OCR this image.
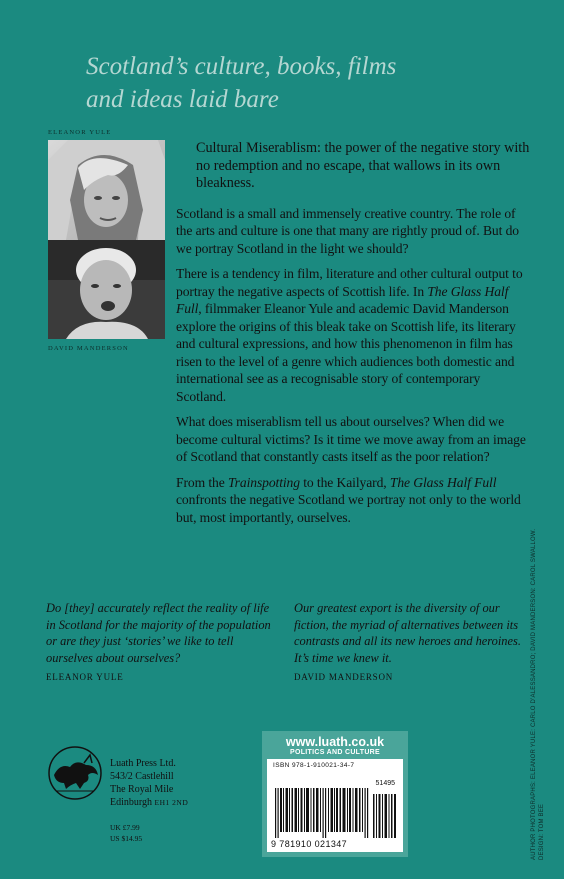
Scotland’s culture, books, films
and ideas laid bare
ELEANOR YULE
DAVID MANDERSON

Cultural Miserablism: the power of the negative story with no redemption and no escape, that wallows in its own bleakness.

Scotland is a small and immensely creative country. The role of the arts and culture is one that many are rightly proud of. But do we portray Scotland in the light we should?

There is a tendency in film, literature and other cultural output to portray the negative aspects of Scottish life. In The Glass Half Full, filmmaker Eleanor Yule and academic David Manderson explore the origins of this bleak take on Scottish life, its literary and cultural expressions, and how this phenomenon in film has risen to the level of a genre which audiences both domestic and international see as a recognisable story of contemporary Scotland.

What does miserablism tell us about ourselves? When did we become cultural victims? Is it time we move away from an image of Scotland that constantly casts itself as the poor relation?

From the Trainspotting to the Kailyard, The Glass Half Full confronts the negative Scotland we portray not only to the world but, most importantly, ourselves.

Do [they] accurately reflect the reality of life in Scotland for the majority of the population or are they just ‘stories’ we like to tell ourselves about ourselves?
ELEANOR YULE
Our greatest export is the diversity of our fiction, the myriad of alternatives between its contrasts and all its new heroes and heroines. It’s time we knew it.
DAVID MANDERSON
Luath Press Ltd.
543/2 Castlehill
The Royal Mile
Edinburgh EH1 2ND
UK £7.99
US $14.95
www.luath.co.uk
POLITICS AND CULTURE
ISBN 978-1-910021-34-7
51495
9 781910 021347	AUTHOR PHOTOGRAPHS: ELEANOR YULE: CARLO D’ALESSANDRO; DAVID MANDERSON: CAROL SWALLOW. DESIGN: TOM BEE
